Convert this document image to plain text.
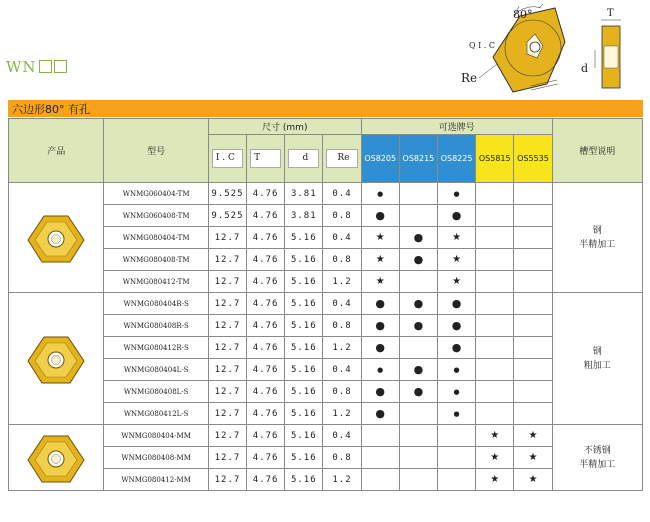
WN
80°
Q I . C
Re
T
d
六边形80° 有孔
产品	型号	尺寸 (mm)				可选牌号					槽型说明

		I . C	T	d	Re	OS8205	OS8215	OS8225	OS5815	OS5535	

	WNMG060404-TM	9.525	4.76	3.81	0.4	●		●			钢
半精加工

	WNMG060408-TM	9.525	4.76	3.81	0.8	●		●			
	WNMG080404-TM	12.7	4.76	5.16	0.4	★	●	★			
	WNMG080408-TM	12.7	4.76	5.16	0.8	★	●	★			
	WNMG080412-TM	12.7	4.76	5.16	1.2	★		★			

	WNMG080404R-S	12.7	4.76	5.16	0.4	●	●	●			钢
粗加工

	WNMG080408R-S	12.7	4.76	5.16	0.8	●	●	●			
	WNMG080412R-S	12.7	4.76	5.16	1.2	●		●			
	WNMG080404L-S	12.7	4.76	5.16	0.4	●	●	●			
	WNMG080408L-S	12.7	4.76	5.16	0.8	●	●	●			
	WNMG080412L-S	12.7	4.76	5.16	1.2	●		●			

	WNMG080404-MM	12.7	4.76	5.16	0.4				★	★	不锈钢
半精加工

	WNMG080408-MM	12.7	4.76	5.16	0.8				★	★	
	WNMG080412-MM	12.7	4.76	5.16	1.2				★	★	
